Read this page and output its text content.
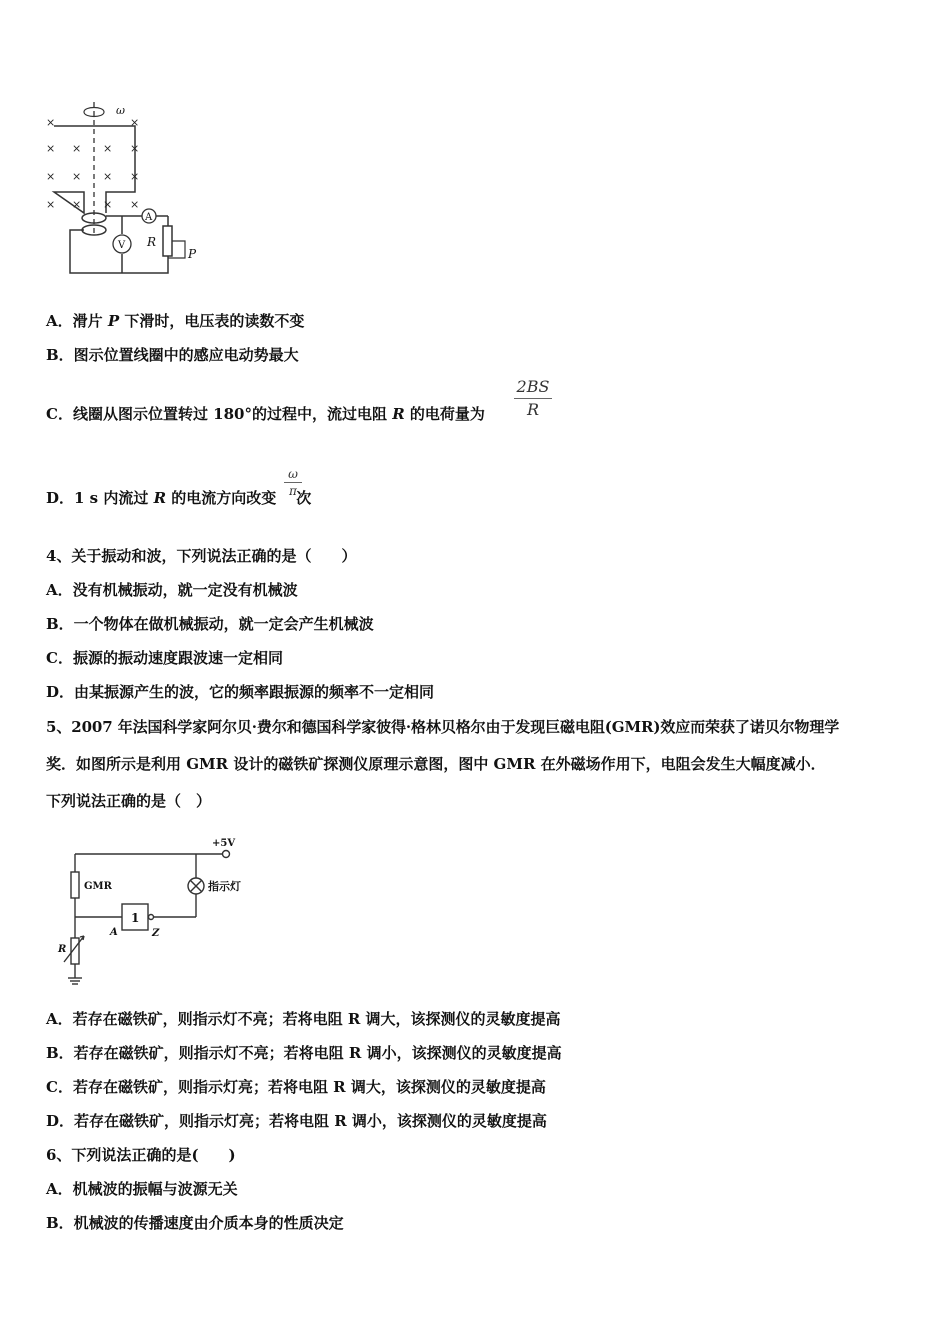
A
V R
P
ω
×	×
× × × ×
× × × ×
× × × ×
A．滑片 P 下滑时，电压表的读数不变
B．图示位置线圈中的感应电动势最大
C．线圈从图示位置转过 180°的过程中，流过电阻 R 的电荷量为
2BS
R
D．1 s 内流过 R 的电流方向改变 次
ω
π
4、关于振动和波，下列说法正确的是（　　）
A．没有机械振动，就一定没有机械波
B．一个物体在做机械振动，就一定会产生机械波
C．振源的振动速度跟波速一定相同
D．由某振源产生的波，它的频率跟振源的频率不一定相同
5、2007 年法国科学家阿尔贝·费尔和德国科学家彼得·格林贝格尔由于发现巨磁电阻(GMR)效应而荣获了诺贝尔物理学
奖．如图所示是利用 GMR 设计的磁铁矿探测仪原理示意图，图中 GMR 在外磁场作用下，电阻会发生大幅度减小．
下列说法正确的是（　）
+5V
GMR	指示灯
1
A	Z
R
A．若存在磁铁矿，则指示灯不亮；若将电阻 R 调大，该探测仪的灵敏度提高
B．若存在磁铁矿，则指示灯不亮；若将电阻 R 调小，该探测仪的灵敏度提高
C．若存在磁铁矿，则指示灯亮；若将电阻 R 调大，该探测仪的灵敏度提高
D．若存在磁铁矿，则指示灯亮；若将电阻 R 调小，该探测仪的灵敏度提高
6、下列说法正确的是(　　)
A．机械波的振幅与波源无关
B．机械波的传播速度由介质本身的性质决定
